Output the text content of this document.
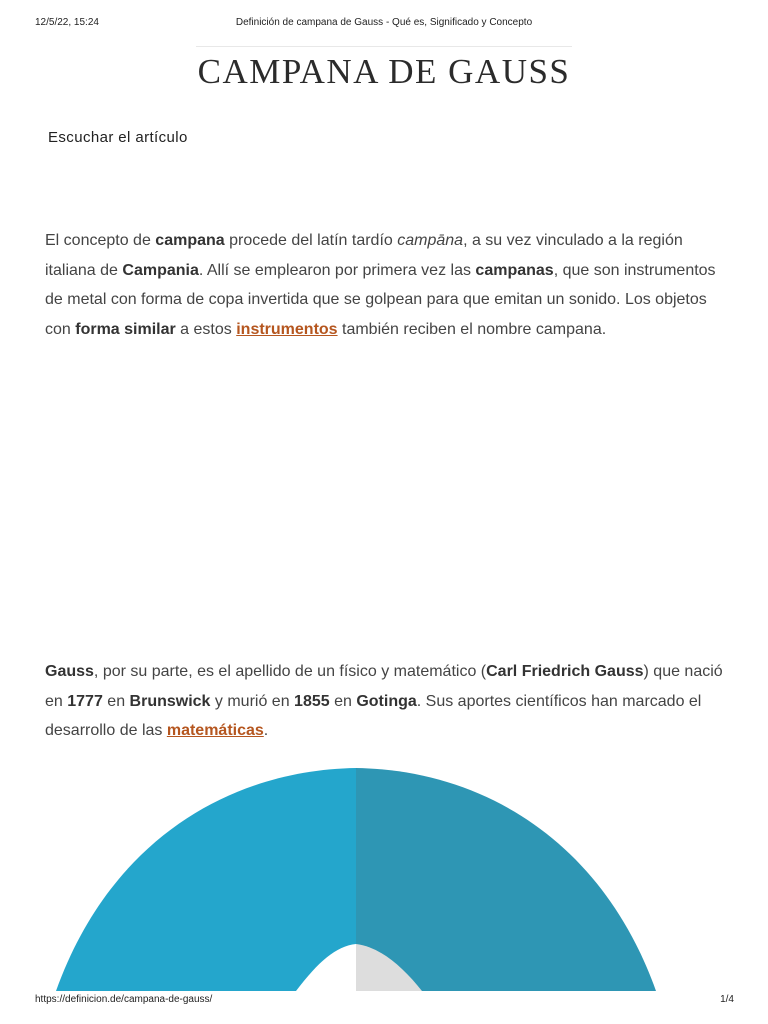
12/5/22, 15:24	Definición de campana de Gauss - Qué es, Significado y Concepto
CAMPANA DE GAUSS
Escuchar el artículo

El concepto de campana procede del latín tardío campāna, a su vez vinculado a la región italiana de Campania. Allí se emplearon por primera vez las campanas, que son instrumentos de metal con forma de copa invertida que se golpean para que emitan un sonido. Los objetos con forma similar a estos instrumentos también reciben el nombre campana.

Gauss, por su parte, es el apellido de un físico y matemático (Carl Friedrich Gauss) que nació en 1777 en Brunswick y murió en 1855 en Gotinga. Sus aportes científicos han marcado el desarrollo de las matemáticas.

https://definicion.de/campana-de-gauss/	1/4
